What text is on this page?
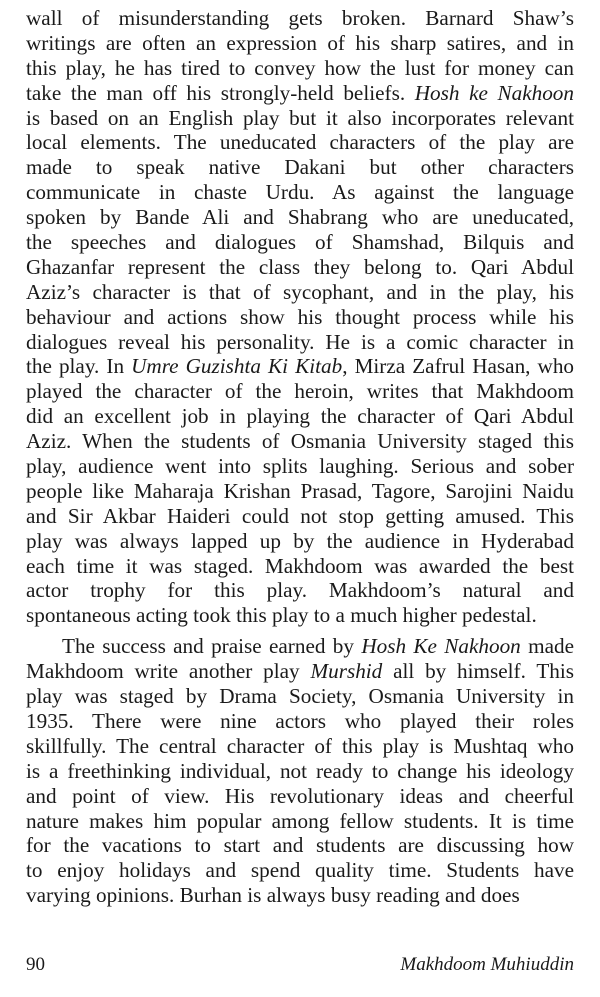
wall of misunderstanding gets broken. Barnard Shaw’s
writings are often an expression of his sharp satires, and in
this play, he has tired to convey how the lust for money can
take the man off his strongly-held beliefs. Hosh ke Nakhoon
is based on an English play but it also incorporates relevant
local elements. The uneducated characters of the play are
made to speak native Dakani but other characters
communicate in chaste Urdu. As against the language
spoken by Bande Ali and Shabrang who are uneducated,
the speeches and dialogues of Shamshad, Bilquis and
Ghazanfar represent the class they belong to. Qari Abdul
Aziz’s character is that of sycophant, and in the play, his
behaviour and actions show his thought process while his
dialogues reveal his personality. He is a comic character in
the play. In Umre Guzishta Ki Kitab, Mirza Zafrul Hasan, who
played the character of the heroin, writes that Makhdoom
did an excellent job in playing the character of Qari Abdul
Aziz. When the students of Osmania University staged this
play, audience went into splits laughing. Serious and sober
people like Maharaja Krishan Prasad, Tagore, Sarojini Naidu
and Sir Akbar Haideri could not stop getting amused. This
play was always lapped up by the audience in Hyderabad
each time it was staged. Makhdoom was awarded the best
actor trophy for this play. Makhdoom’s natural and
spontaneous acting took this play to a much higher pedestal.
The success and praise earned by Hosh Ke Nakhoon made
Makhdoom write another play Murshid all by himself. This
play was staged by Drama Society, Osmania University in
1935. There were nine actors who played their roles
skillfully. The central character of this play is Mushtaq who
is a freethinking individual, not ready to change his ideology
and point of view. His revolutionary ideas and cheerful
nature makes him popular among fellow students. It is time
for the vacations to start and students are discussing how
to enjoy holidays and spend quality time. Students have
varying opinions. Burhan is always busy reading and does
90	Makhdoom Muhiuddin
